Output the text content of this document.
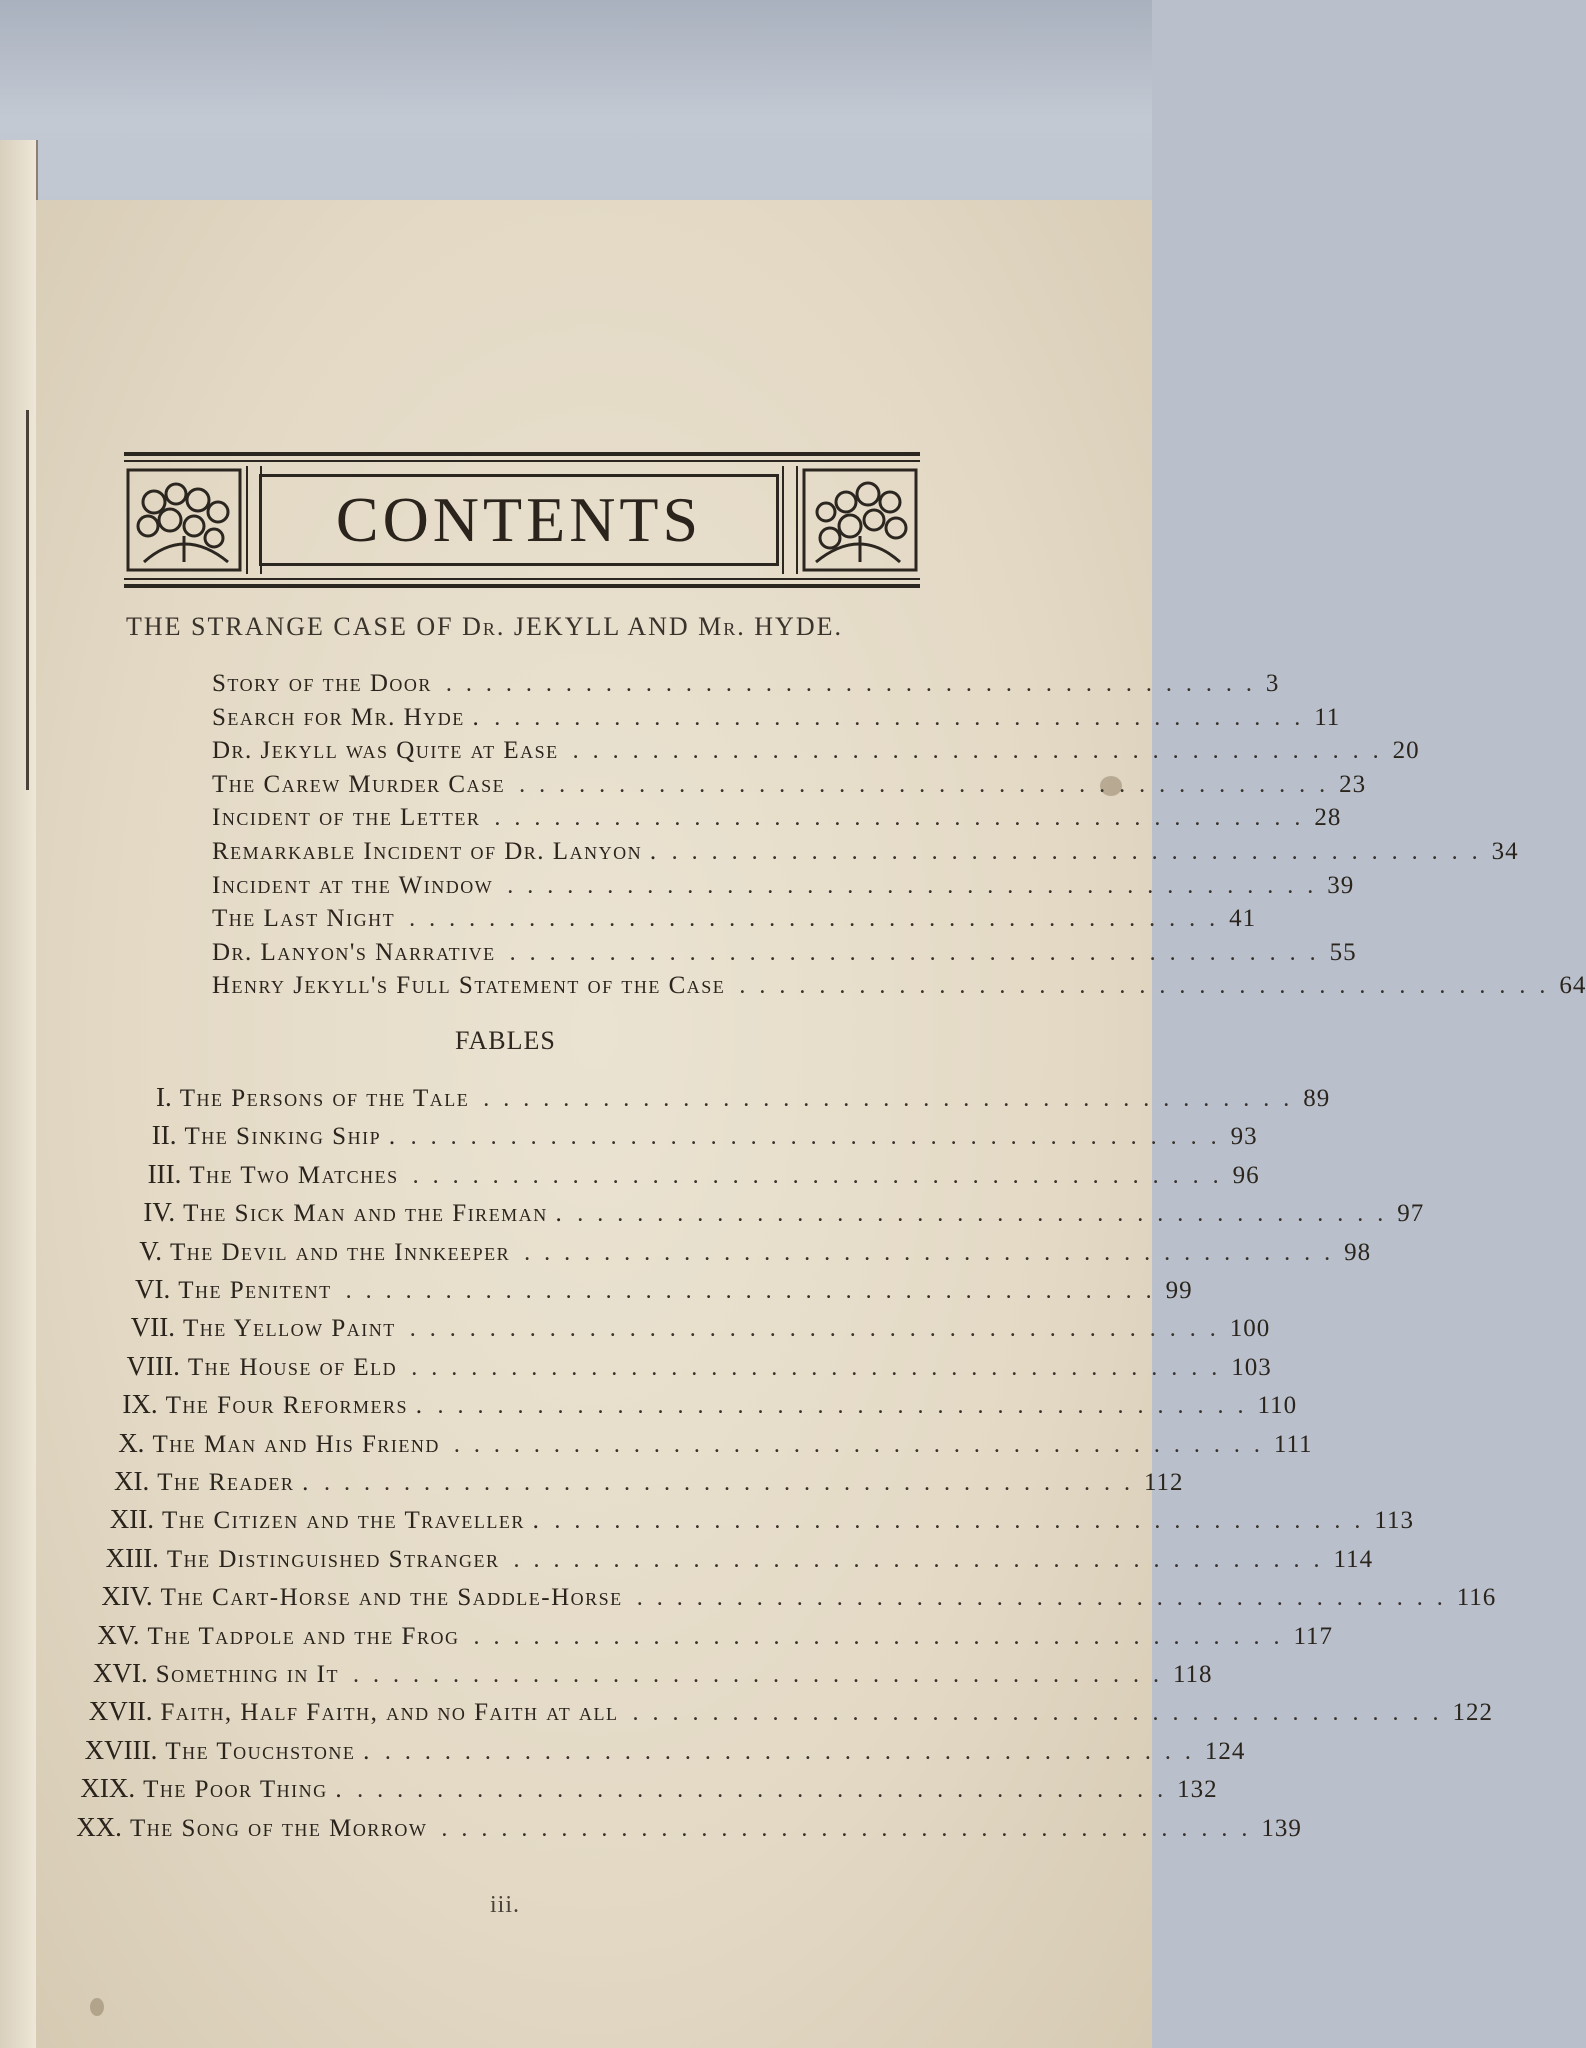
CONTENTS
THE STRANGE CASE OF Dr. JEKYLL AND Mr. HYDE.
Story of the Door ......................................... 3
Search for Mr. Hyde . ......................................... 11
Dr. Jekyll was Quite at Ease ......................................... 20
The Carew Murder Case ......................................... 23
Incident of the Letter ......................................... 28
Remarkable Incident of Dr. Lanyon . ......................................... 34
Incident at the Window ......................................... 39
The Last Night ......................................... 41
Dr. Lanyon's Narrative ......................................... 55
Henry Jekyll's Full Statement of the Case ......................................... 64
FABLES
I. The Persons of the Tale ......................................... 89
II. The Sinking Ship . ......................................... 93
III. The Two Matches ......................................... 96
IV. The Sick Man and the Fireman . ......................................... 97
V. The Devil and the Innkeeper ......................................... 98
VI. The Penitent ......................................... 99
VII. The Yellow Paint ......................................... 100
VIII. The House of Eld ......................................... 103
IX. The Four Reformers . ......................................... 110
X. The Man and His Friend ......................................... 111
XI. The Reader . ......................................... 112
XII. The Citizen and the Traveller . ......................................... 113
XIII. The Distinguished Stranger ......................................... 114
XIV. The Cart-Horse and the Saddle-Horse ......................................... 116
XV. The Tadpole and the Frog ......................................... 117
XVI. Something in It ......................................... 118
XVII. Faith, Half Faith, and no Faith at all ......................................... 122
XVIII. The Touchstone . ......................................... 124
XIX. The Poor Thing . ......................................... 132
XX. The Song of the Morrow ......................................... 139
iii.
